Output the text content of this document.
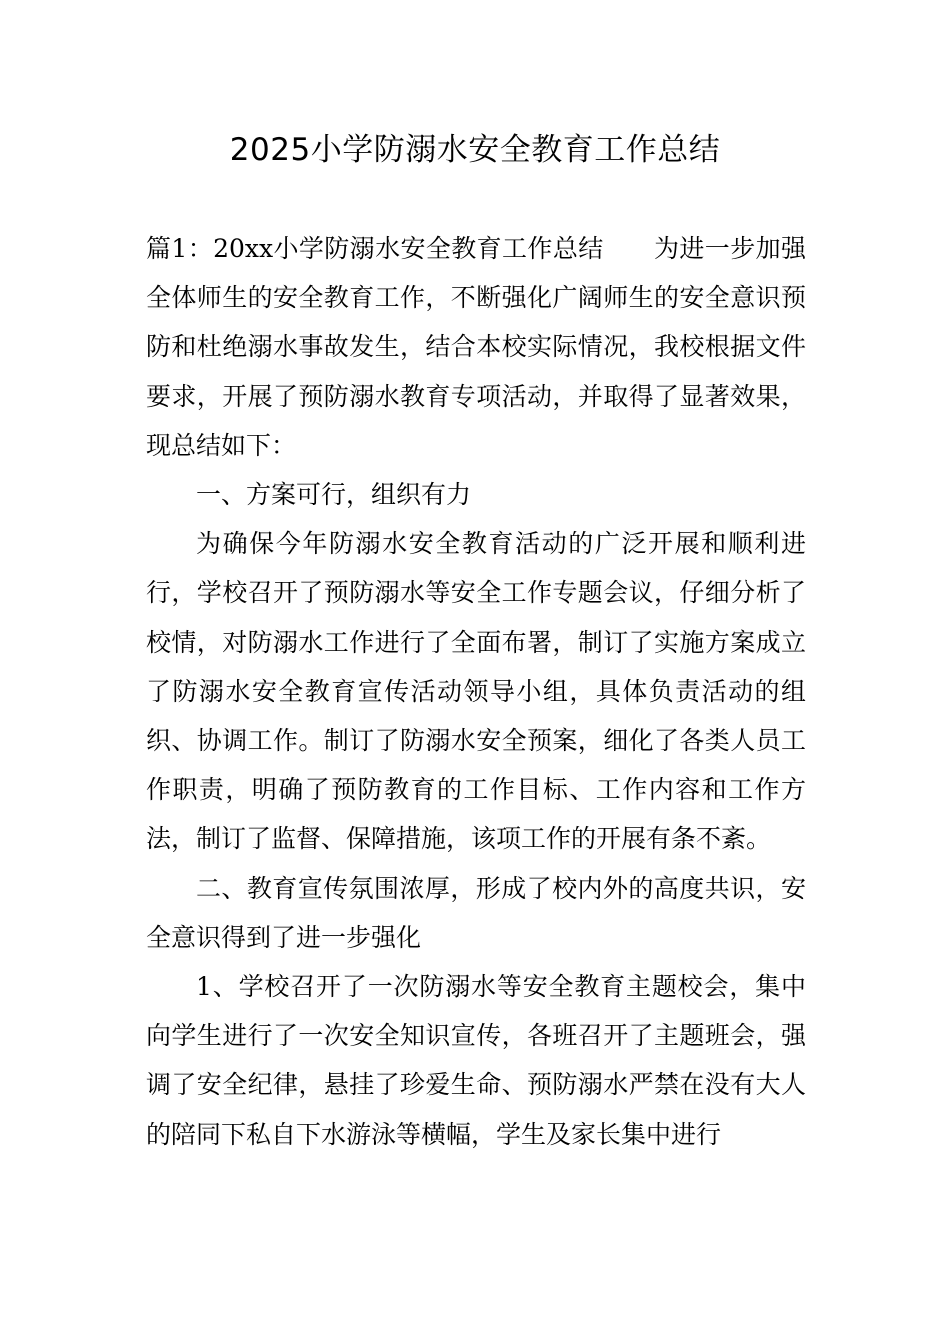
2025小学防溺水安全教育工作总结

篇1：20xx小学防溺水安全教育工作总结 为进一步加强全体师生的安全教育工作，不断强化广阔师生的安全意识预防和杜绝溺水事故发生，结合本校实际情况，我校根据文件要求，开展了预防溺水教育专项活动，并取得了显著效果，现总结如下：

一、方案可行，组织有力

为确保今年防溺水安全教育活动的广泛开展和顺利进行，学校召开了预防溺水等安全工作专题会议，仔细分析了校情，对防溺水工作进行了全面布署，制订了实施方案成立了防溺水安全教育宣传活动领导小组，具体负责活动的组织、协调工作。制订了防溺水安全预案，细化了各类人员工作职责，明确了预防教育的工作目标、工作内容和工作方法，制订了监督、保障措施，该项工作的开展有条不紊。

二、教育宣传氛围浓厚，形成了校内外的高度共识，安全意识得到了进一步强化

1、学校召开了一次防溺水等安全教育主题校会，集中向学生进行了一次安全知识宣传，各班召开了主题班会，强调了安全纪律，悬挂了珍爱生命、预防溺水严禁在没有大人的陪同下私自下水游泳等横幅，学生及家长集中进行
